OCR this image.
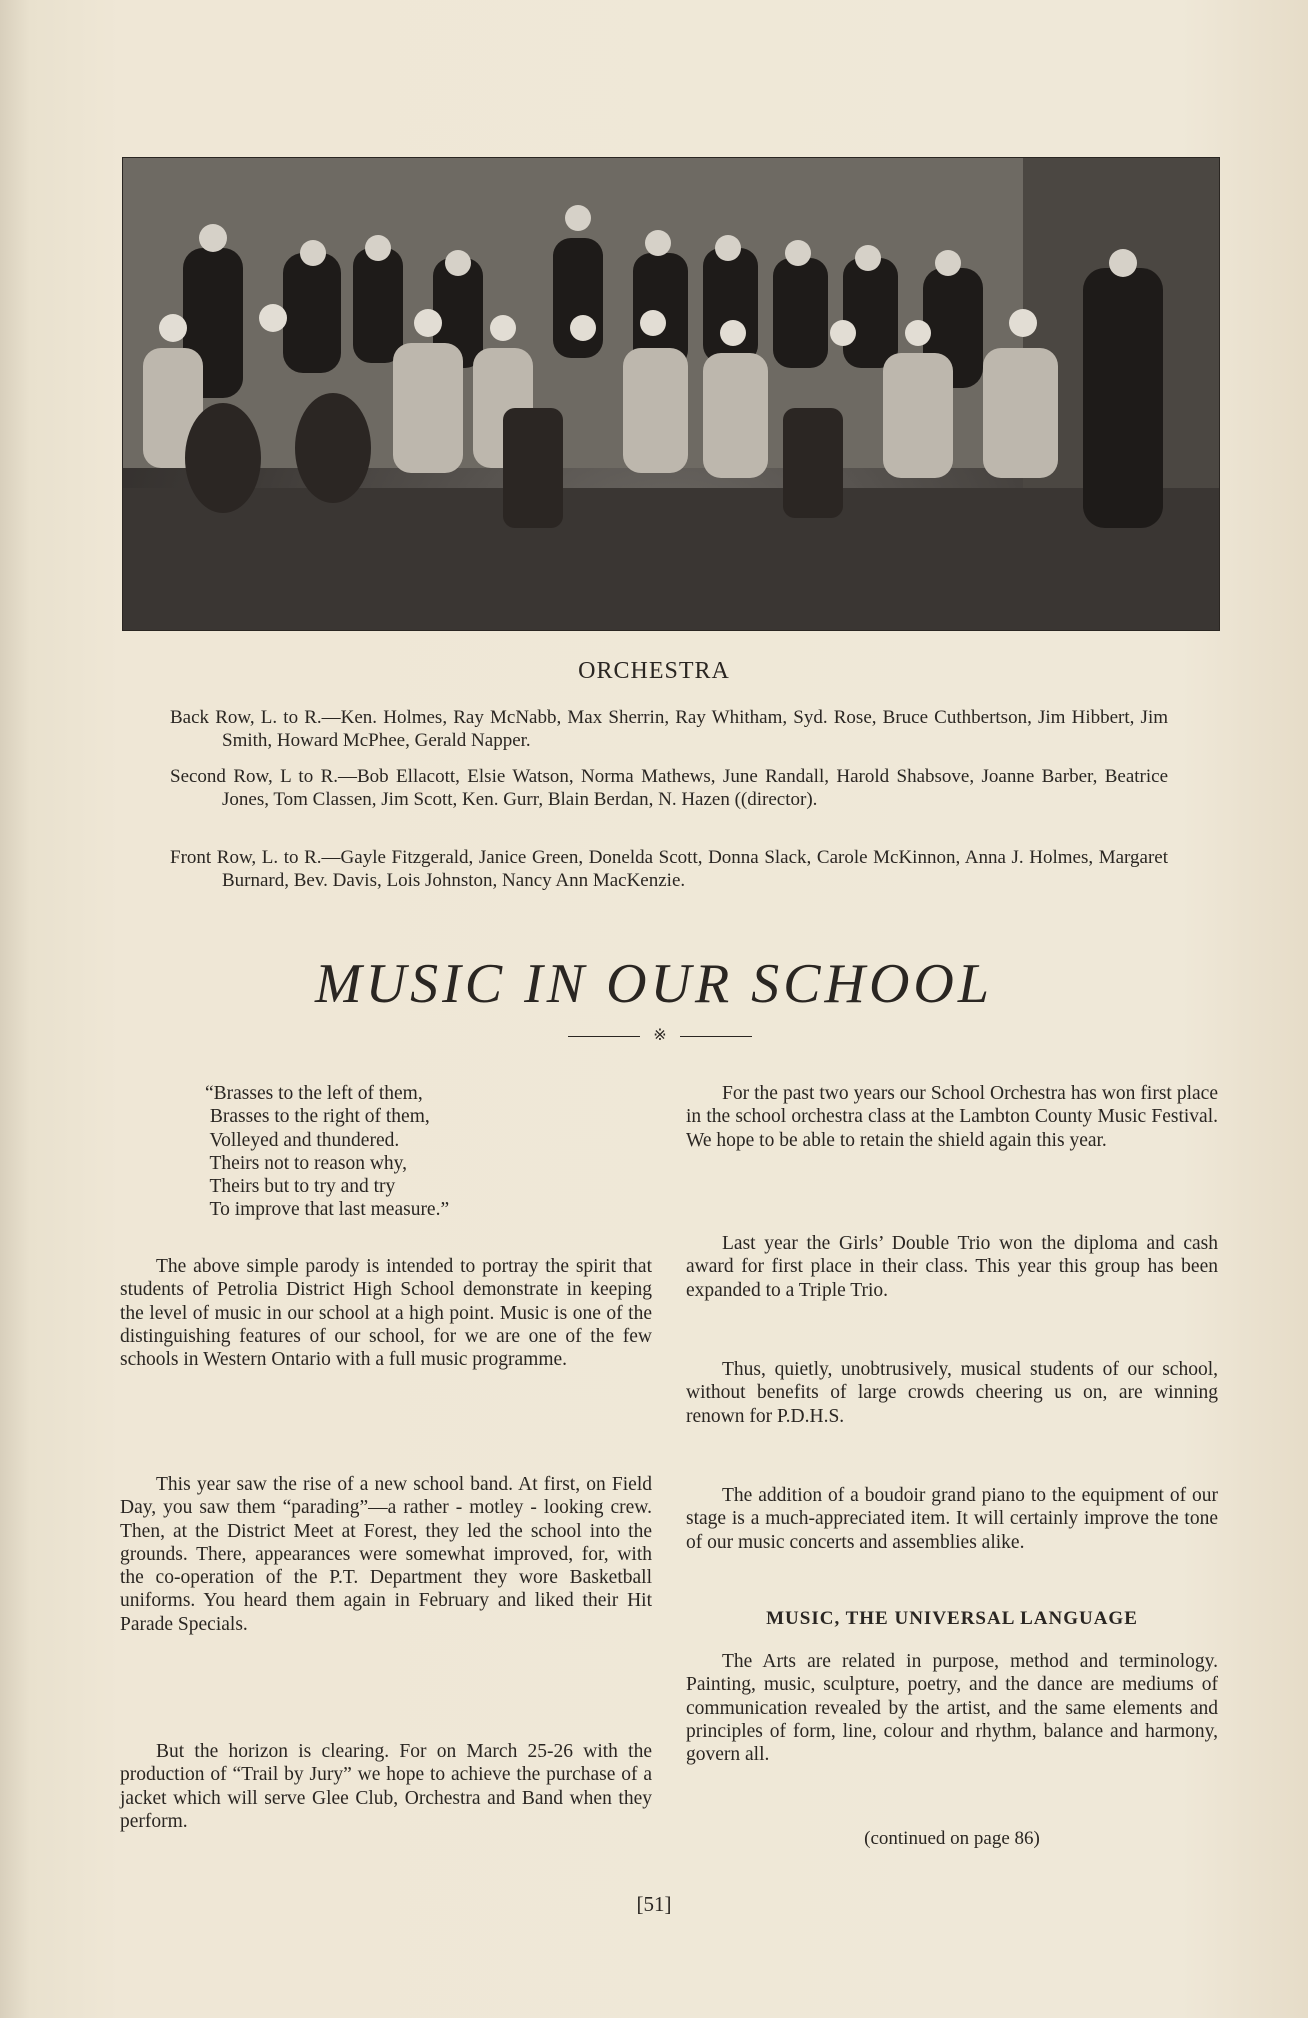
ORCHESTRA
Back Row, L. to R.—Ken. Holmes, Ray McNabb, Max Sherrin, Ray Whitham, Syd. Rose, Bruce Cuthbertson, Jim Hibbert, Jim Smith, Howard McPhee, Gerald Napper.
Second Row, L to R.—Bob Ellacott, Elsie Watson, Norma Mathews, June Randall, Harold Shabsove, Joanne Barber, Beatrice Jones, Tom Classen, Jim Scott, Ken. Gurr, Blain Berdan, N. Hazen ((director).
Front Row, L. to R.—Gayle Fitzgerald, Janice Green, Donelda Scott, Donna Slack, Carole McKinnon, Anna J. Holmes, Margaret Burnard, Bev. Davis, Lois Johnston, Nancy Ann MacKenzie.
MUSIC IN OUR SCHOOL
※
“Brasses to the left of them,
Brasses to the right of them,
Volleyed and thundered.
Theirs not to reason why,
Theirs but to try and try
To improve that last measure.”

The above simple parody is intended to portray the spirit that students of Petrolia District High School demonstrate in keeping the level of music in our school at a high point. Music is one of the distinguishing features of our school, for we are one of the few schools in Western Ontario with a full music programme.

This year saw the rise of a new school band. At first, on Field Day, you saw them “parading”—a rather - motley - looking crew. Then, at the District Meet at Forest, they led the school into the grounds. There, appearances were somewhat improved, for, with the co-operation of the P.T. Department they wore Basketball uniforms. You heard them again in February and liked their Hit Parade Specials.

But the horizon is clearing. For on March 25-26 with the production of “Trail by Jury” we hope to achieve the purchase of a jacket which will serve Glee Club, Orchestra and Band when they perform.

For the past two years our School Orchestra has won first place in the school orchestra class at the Lambton County Music Festival. We hope to be able to retain the shield again this year.

Last year the Girls’ Double Trio won the diploma and cash award for first place in their class. This year this group has been expanded to a Triple Trio.

Thus, quietly, unobtrusively, musical students of our school, without benefits of large crowds cheering us on, are winning renown for P.D.H.S.

The addition of a boudoir grand piano to the equipment of our stage is a much-appreciated item. It will certainly improve the tone of our music concerts and assemblies alike.

MUSIC, THE UNIVERSAL LANGUAGE

The Arts are related in purpose, method and terminology. Painting, music, sculpture, poetry, and the dance are mediums of communication revealed by the artist, and the same elements and principles of form, line, colour and rhythm, balance and harmony, govern all.

(continued on page 86)
[51]
